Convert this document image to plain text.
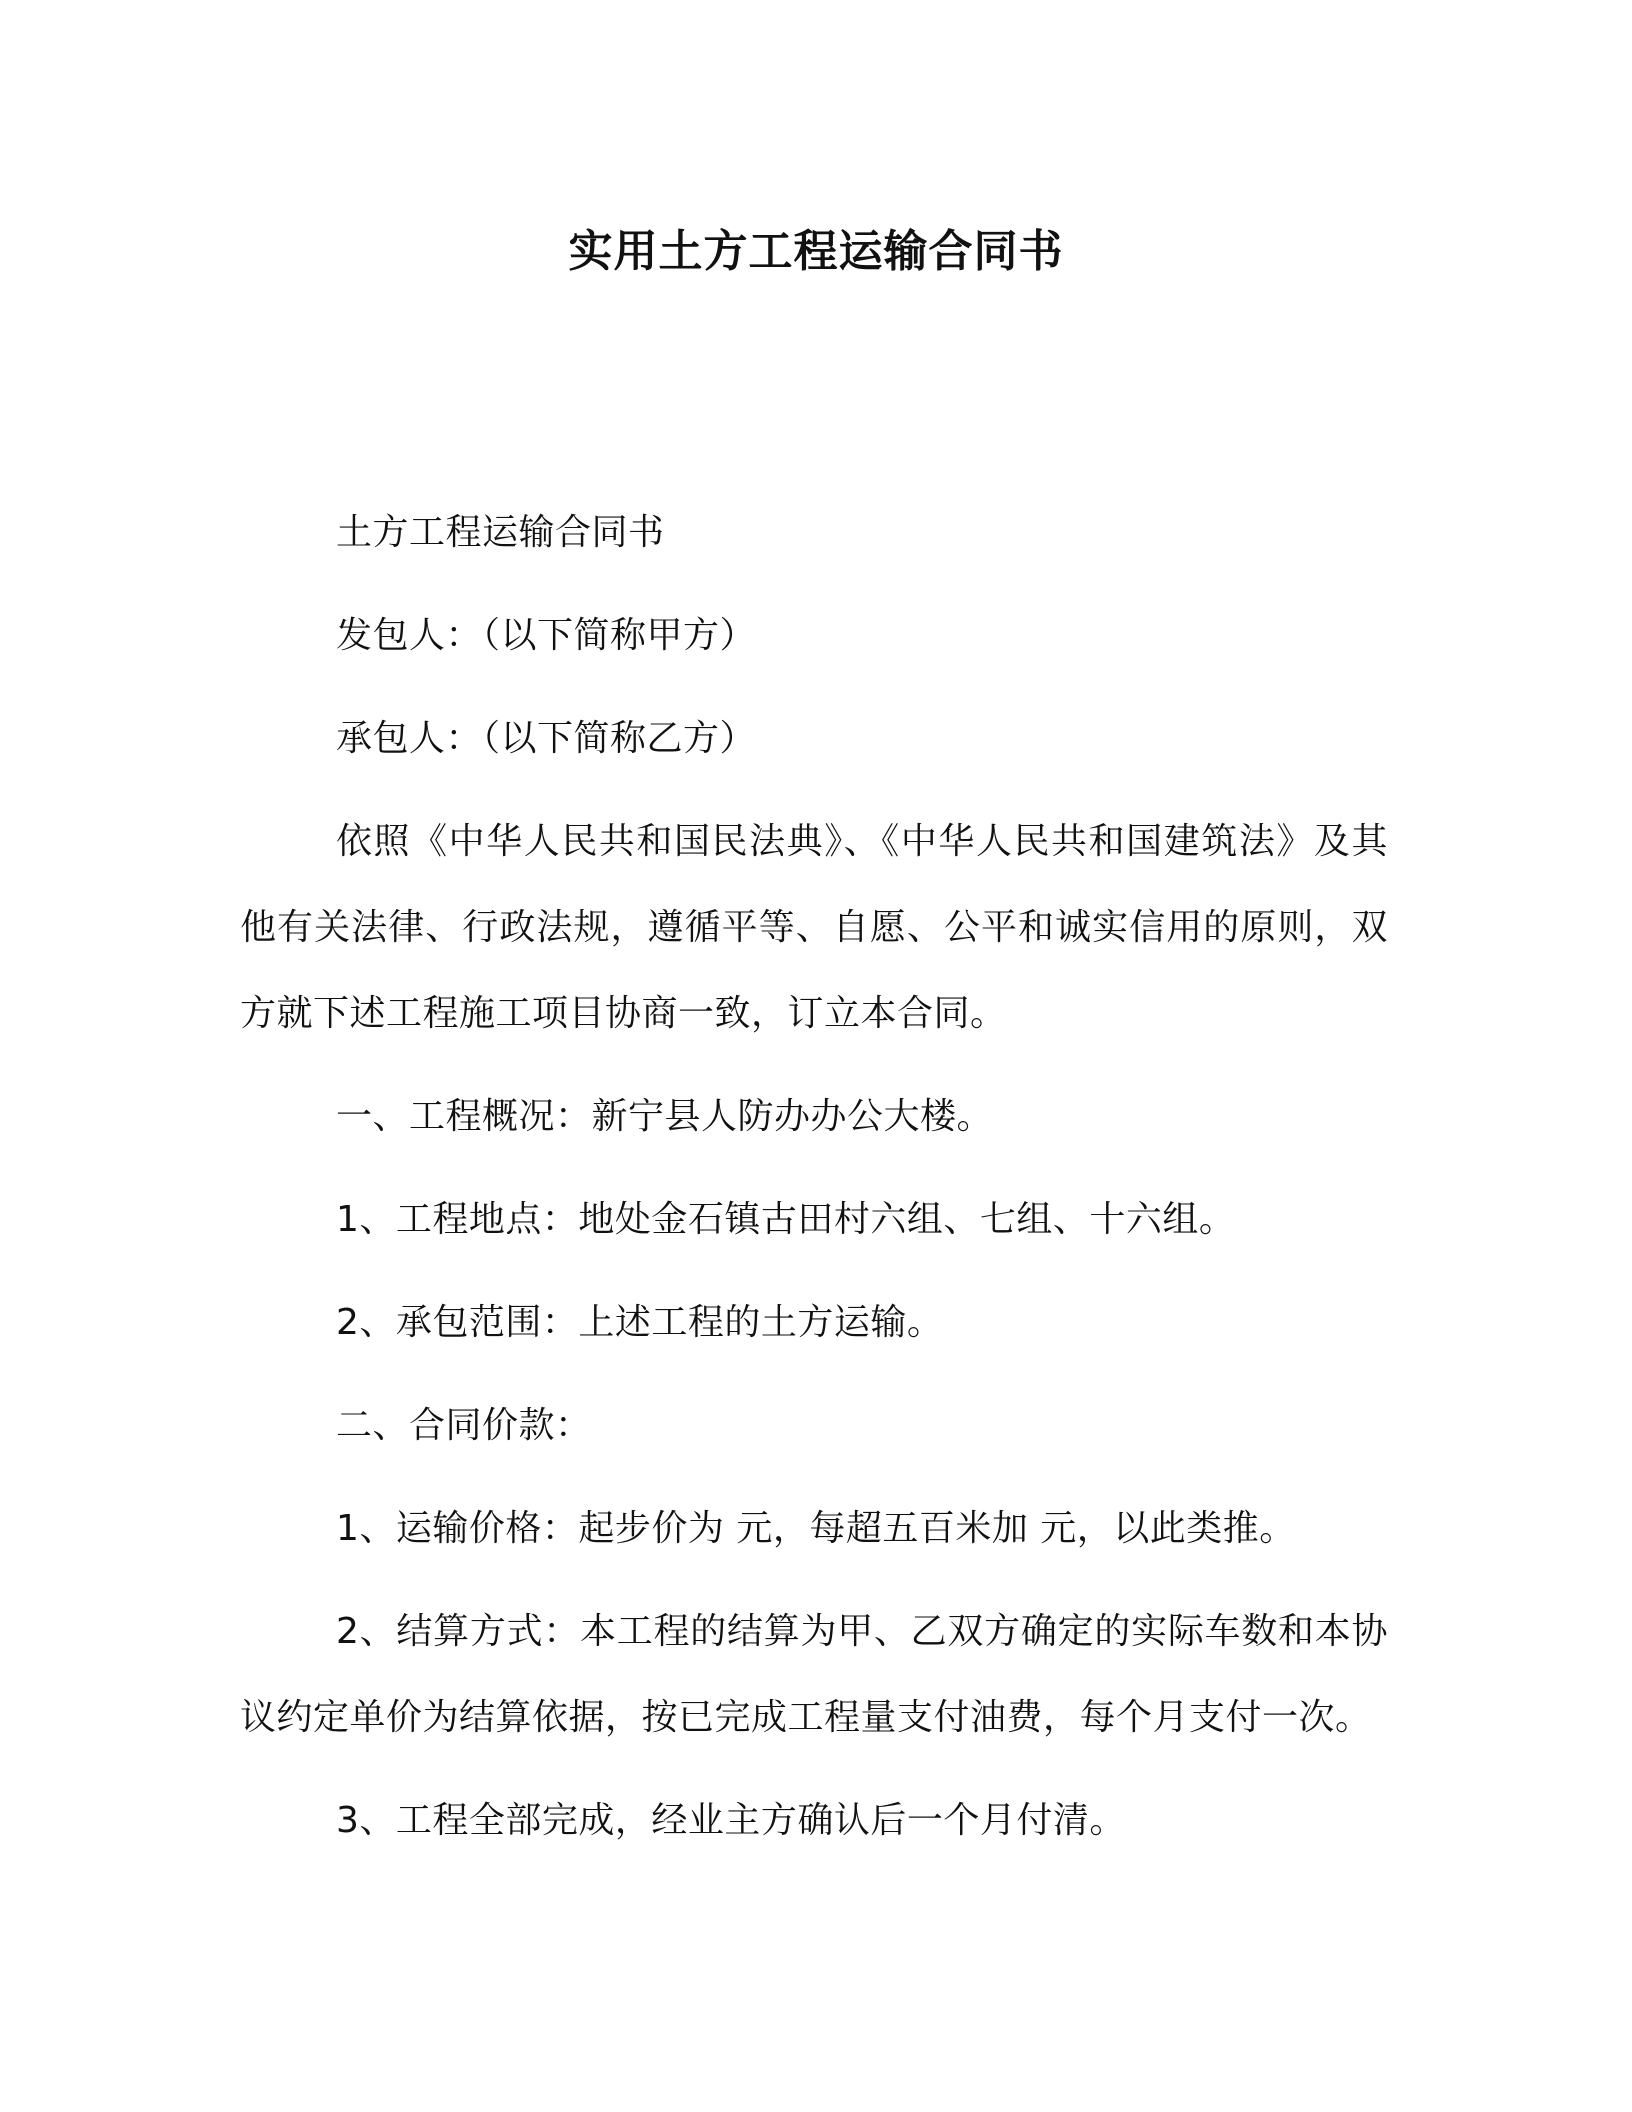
实用土方工程运输合同书

土方工程运输合同书

发包人：（以下简称甲方）

承包人：（以下简称乙方）

依照《中华人民共和国民法典》、《中华人民共和国建筑法》及其他有关法律、行政法规，遵循平等、自愿、公平和诚实信用的原则，双方就下述工程施工项目协商一致，订立本合同。

一、工程概况：新宁县人防办办公大楼。

1、工程地点：地处金石镇古田村六组、七组、十六组。

2、承包范围：上述工程的土方运输。

二、合同价款：

1、运输价格：起步价为 元，每超五百米加 元，以此类推。

2、结算方式：本工程的结算为甲、乙双方确定的实际车数和本协议约定单价为结算依据，按已完成工程量支付油费，每个月支付一次。

3、工程全部完成，经业主方确认后一个月付清。
